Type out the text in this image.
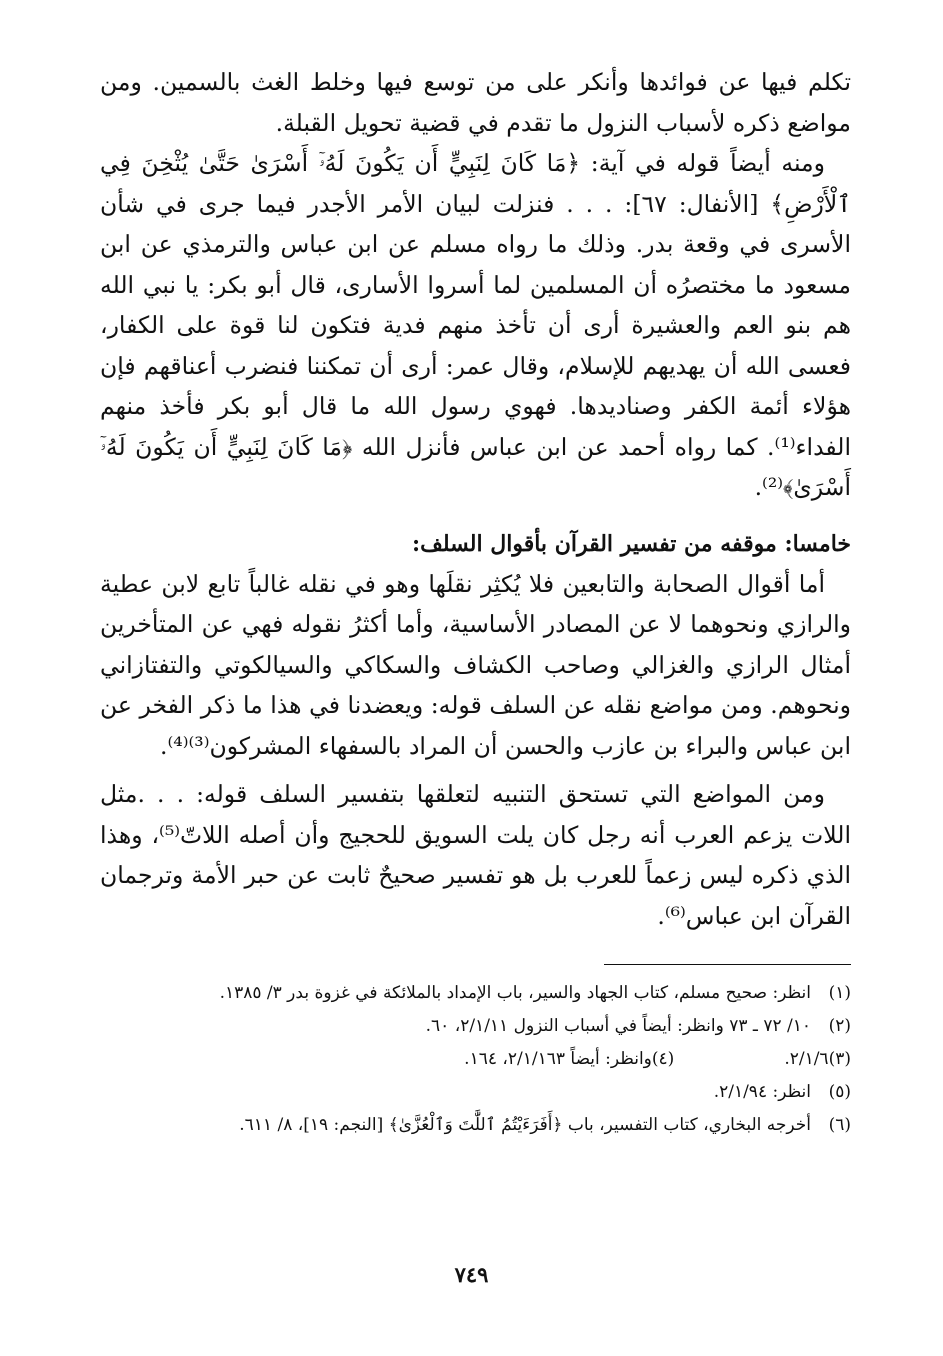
تكلم فيها عن فوائدها وأنكر على من توسع فيها وخلط الغث بالسمين. ومن مواضع ذكره لأسباب النزول ما تقدم في قضية تحويل القبلة.

ومنه أيضاً قوله في آية: ﴿مَا كَانَ لِنَبِيٍّ أَن يَكُونَ لَهُۥٓ أَسْرَىٰ حَتَّىٰ يُثْخِنَ فِي ٱلْأَرْضِ﴾ [الأنفال: ٦٧]: . . . فنزلت لبيان الأمر الأجدر فيما جرى في شأن الأسرى في وقعة بدر. وذلك ما رواه مسلم عن ابن عباس والترمذي عن ابن مسعود ما مختصرُه أن المسلمين لما أسروا الأسارى، قال أبو بكر: يا نبي الله هم بنو العم والعشيرة أرى أن تأخذ منهم فدية فتكون لنا قوة على الكفار، فعسى الله أن يهديهم للإسلام، وقال عمر: أرى أن تمكننا فنضرب أعناقهم فإن هؤلاء أئمة الكفر وصناديدها. فهوي رسول الله ما قال أبو بكر فأخذ منهم الفداء⁽¹⁾. كما رواه أحمد عن ابن عباس فأنزل الله ﴿مَا كَانَ لِنَبِيٍّ أَن يَكُونَ لَهُۥٓ أَسْرَىٰ﴾⁽²⁾.

خامسا: موقفه من تفسير القرآن بأقوال السلف:

أما أقوال الصحابة والتابعين فلا يُكثِر نقلَها وهو في نقله غالباً تابع لابن عطية والرازي ونحوهما لا عن المصادر الأساسية، وأما أكثرُ نقوله فهي عن المتأخرين أمثال الرازي والغزالي وصاحب الكشاف والسكاكي والسيالكوتي والتفتازاني ونحوهم. ومن مواضع نقله عن السلف قوله: ويعضدنا في هذا ما ذكر الفخر عن ابن عباس والبراء بن عازب والحسن أن المراد بالسفهاء المشركون⁽³⁾⁽⁴⁾.

ومن المواضع التي تستحق التنبيه لتعلقها بتفسير السلف قوله: . . .مثل اللات يزعم العرب أنه رجل كان يلت السويق للحجيج وأن أصله اللاتّ⁽⁵⁾، وهذا الذي ذكره ليس زعماً للعرب بل هو تفسير صحيحٌ ثابت عن حبر الأمة وترجمان القرآن ابن عباس⁽⁶⁾.

(١)
انظر: صحيح مسلم، كتاب الجهاد والسير، باب الإمداد بالملائكة في غزوة بدر ٣/ ١٣٨٥.
(٢)
١٠/ ٧٢ ـ ٧٣ وانظر: أيضاً في أسباب النزول ٢/١/١١، ٦٠.
(٣)
٢/١/٦.
(٤)
وانظر: أيضاً ٢/١/١٦٣، ١٦٤.
(٥)
انظر: ٢/١/٩٤.
(٦)
أخرجه البخاري، كتاب التفسير، باب ﴿أَفَرَءَيْتُمُ ٱللَّٰتَ وَٱلْعُزَّىٰ﴾ [النجم: ١٩]، ٨/ ٦١١.
٧٤٩
